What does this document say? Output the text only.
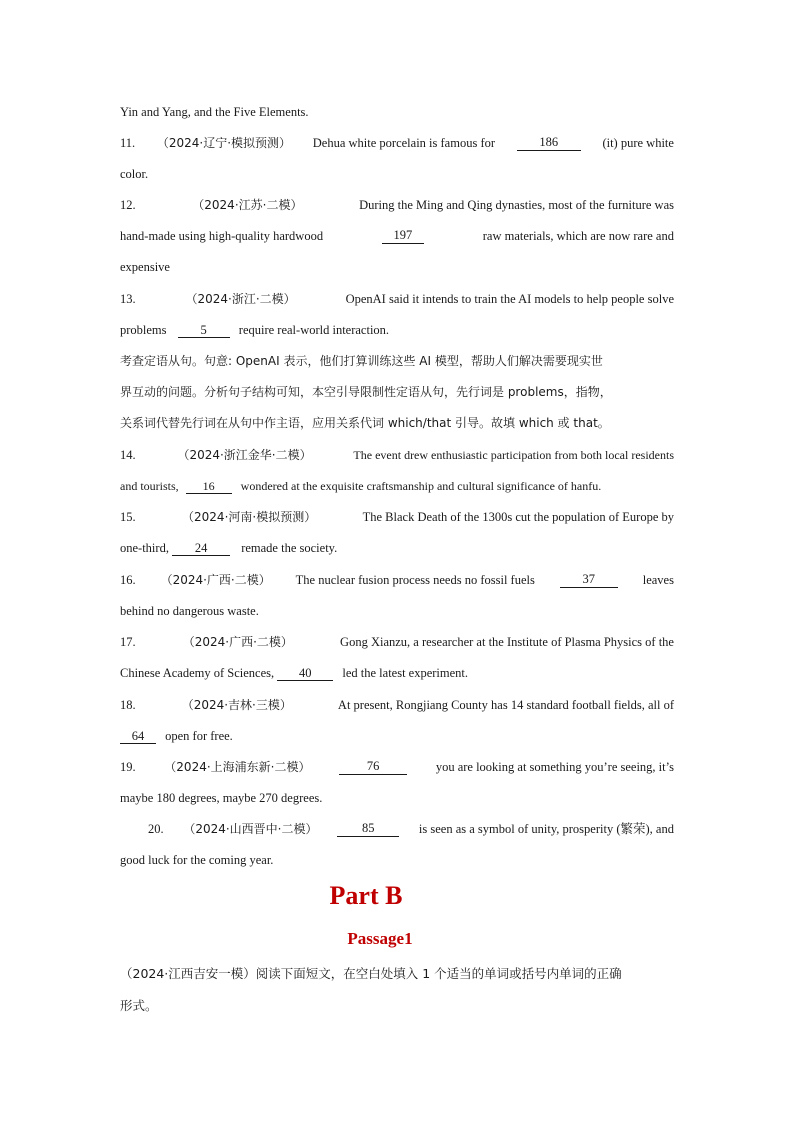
Yin and Yang, and the Five Elements.
11. （2024·辽宁·模拟预测） Dehua white porcelain is famous for	186	(it) pure white
color.
12.	（2024·江苏·二模）	During the Ming and Qing dynasties, most of the furniture was
hand-made using high-quality hardwood	197	raw materials, which are now rare and
expensive
13.	（2024·浙江·二模）	OpenAI said it intends to train the AI models to help people solve
problems	5	require real-world interaction.
考查定语从句。句意: OpenAI 表示，他们打算训练这些 AI 模型，帮助人们解决需要现实世
界互动的问题。分析句子结构可知，本空引导限制性定语从句，先行词是 problems，指物，
关系词代替先行词在从句中作主语，应用关系代词 which/that 引导。故填 which 或 that。
14.	（2024·浙江金华·二模）	The event drew enthusiastic participation from both local residents
and tourists, 16 wondered at the exquisite craftsmanship and cultural significance of hanfu.
15.	（2024·河南·模拟预测）	The Black Death of the 1300s cut the population of Europe by
one-third, 24	remade the society.
16. （2024·广西·二模） The nuclear fusion process needs no fossil fuels	37	leaves
behind no dangerous waste.
17.	（2024·广西·二模）	Gong Xianzu, a researcher at the Institute of Plasma Physics of the
Chinese Academy of Sciences, 40 led the latest experiment.
18.	（2024·吉林·三模）	At present, Rongjiang County has 14 standard football fields, all of
64 open for free.
19. （2024·上海浦东新·二模）	76	you are looking at something you’re seeing, it’s
maybe 180 degrees, maybe 270 degrees.
20. （2024·山西晋中·二模）	85	is seen as a symbol of unity, prosperity (繁荣), and
good luck for the coming year.
Part B
Passage1
（2024·江西吉安一模）阅读下面短文，在空白处填入 1 个适当的单词或括号内单词的正确
形式。
